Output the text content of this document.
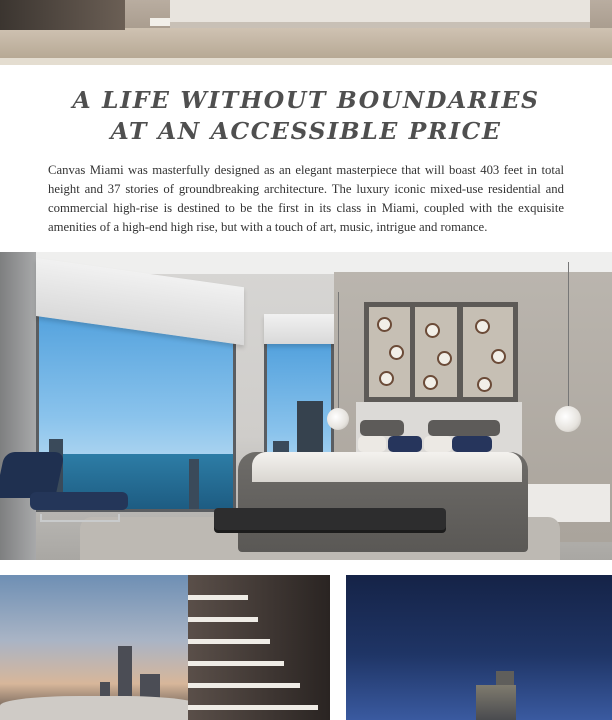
A LIFE WITHOUT BOUNDARIES
AT AN ACCESSIBLE PRICE

Canvas Miami was masterfully designed as an elegant masterpiece that will boast 403 feet in total height and 37 stories of groundbreaking architecture. The luxury iconic mixed-use residential and commercial high-rise is destined to be the first in its class in Miami, coupled with the exquisite amenities of a high-end high rise, but with a touch of art, music, intrigue and romance.
